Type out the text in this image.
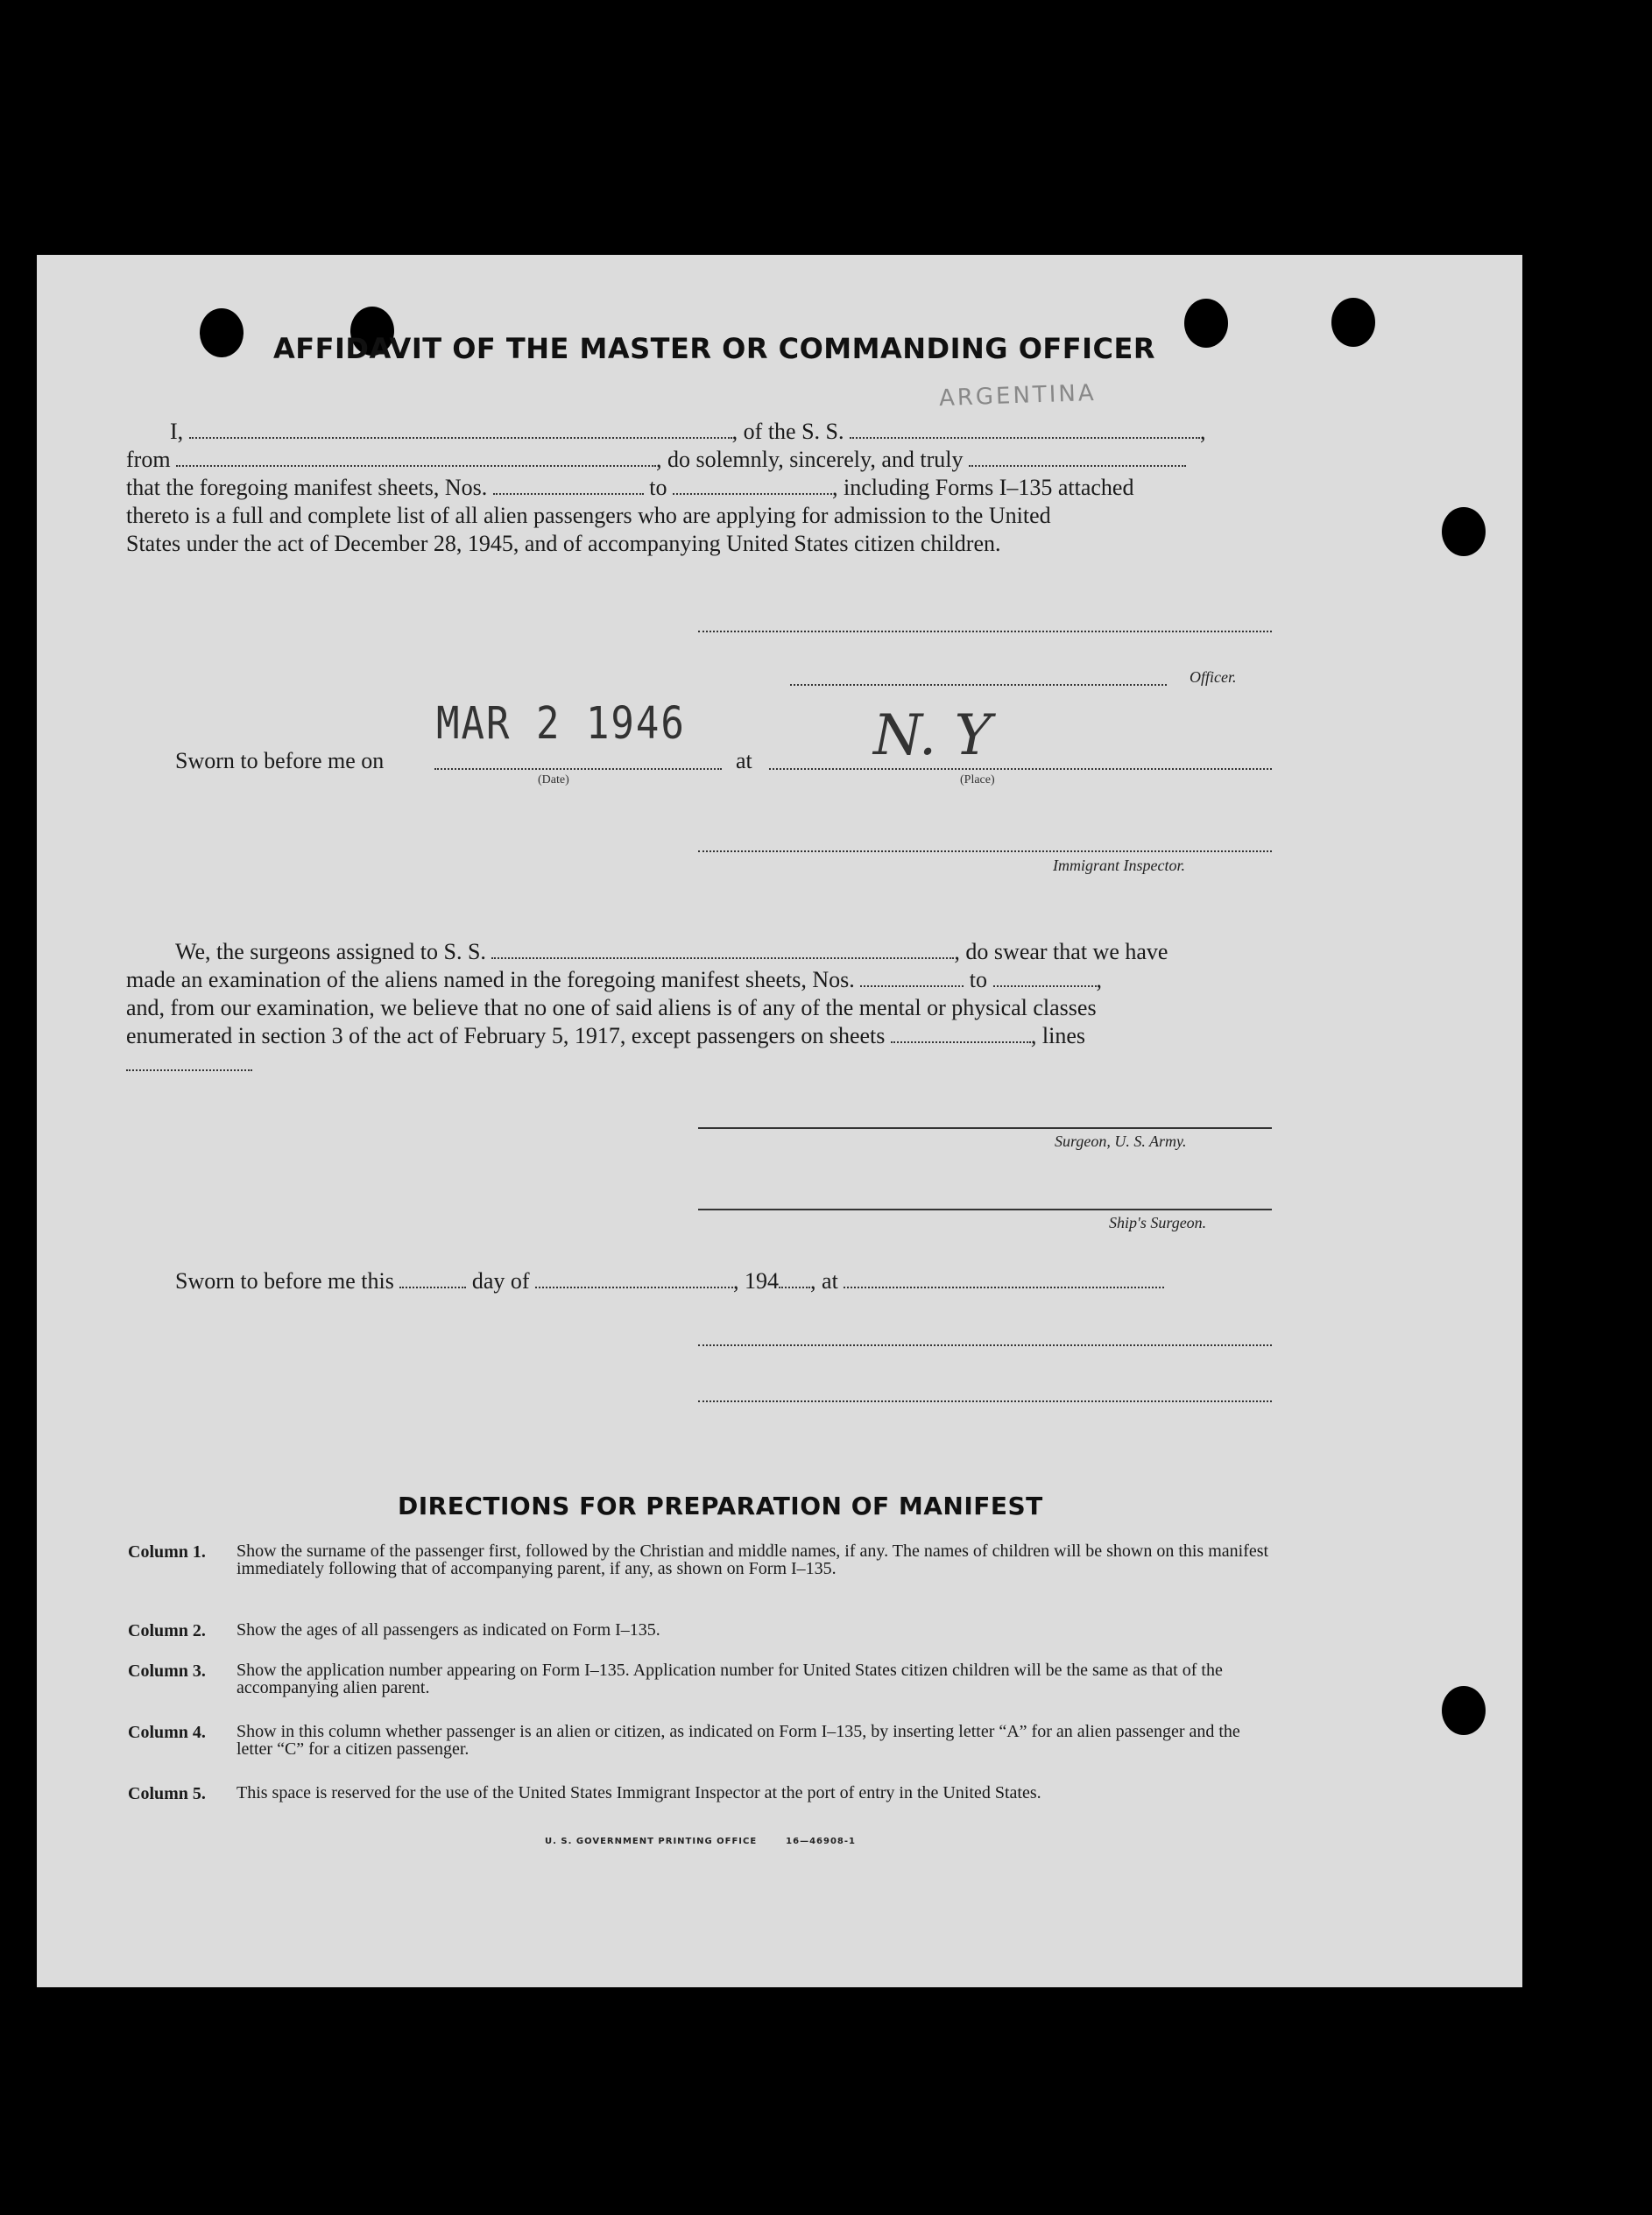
AFFIDAVIT OF THE MASTER OR COMMANDING OFFICER
ARGENTINA
I,	, of the S. S.	,
from	, do solemnly, sincerely, and truly
that the foregoing manifest sheets, Nos.	to	, including Forms I–135 attached
thereto is a full and complete list of all alien passengers who are applying for admission to the United
States under the act of December 28, 1945, and of accompanying United States citizen children.
Officer.
MAR 2 1946
Sworn to before me on
(Date)
at N. Y
(Place)
Immigrant Inspector.
We, the surgeons assigned to S. S.	, do swear that we have
made an examination of the aliens named in the foregoing manifest sheets, Nos.	to	,
and, from our examination, we believe that no one of said aliens is of any of the mental or physical classes
enumerated in section 3 of the act of February 5, 1917, except passengers on sheets	, lines
Surgeon, U. S. Army.
Ship's Surgeon.
Sworn to before me this	day of	, 194 , at
DIRECTIONS FOR PREPARATION OF MANIFEST
Column 1. Show the surname of the passenger first, followed by the Christian and middle names, if any. The names of children will be shown on this manifest immediately following that of accompanying parent, if any, as shown on Form I–135.
Column 2. Show the ages of all passengers as indicated on Form I–135.
Column 3. Show the application number appearing on Form I–135. Application number for United States citizen children will be the same as that of the accompanying alien parent.
Column 4. Show in this column whether passenger is an alien or citizen, as indicated on Form I–135, by inserting letter “A” for an alien passenger and the letter “C” for a citizen passenger.
Column 5. This space is reserved for the use of the United States Immigrant Inspector at the port of entry in the United States.
U. S. GOVERNMENT PRINTING OFFICE	16—46908-1
